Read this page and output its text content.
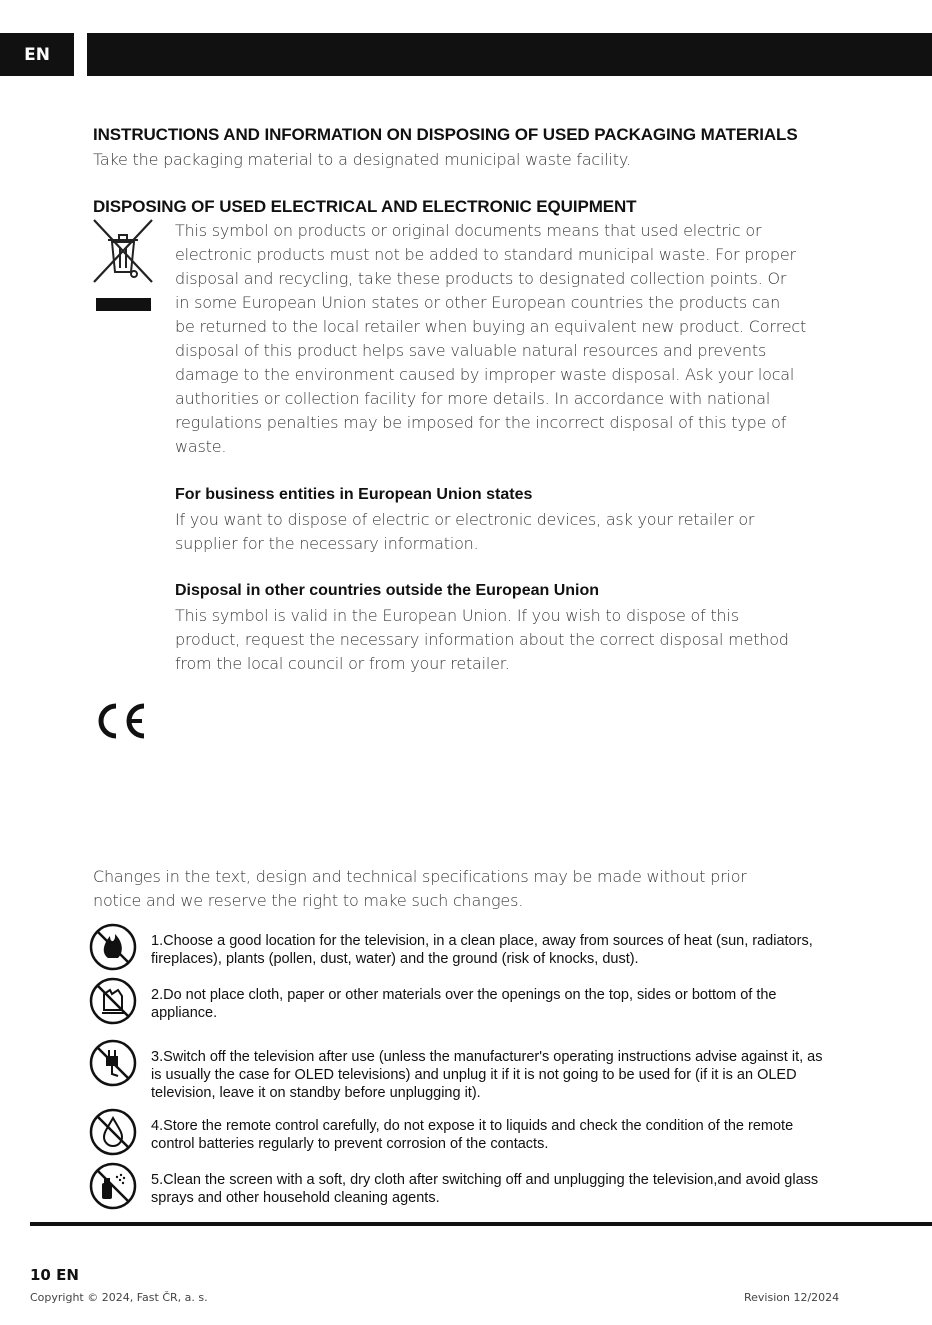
EN
INSTRUCTIONS AND INFORMATION ON DISPOSING OF USED PACKAGING MATERIALS
Take the packaging material to a designated municipal waste facility.
DISPOSING OF USED ELECTRICAL AND ELECTRONIC EQUIPMENT
This symbol on products or original documents means that used electric or
electronic products must not be added to standard municipal waste. For proper
disposal and recycling, take these products to designated collection points. Or
in some European Union states or other European countries the products can
be returned to the local retailer when buying an equivalent new product. Correct
disposal of this product helps save valuable natural resources and prevents
damage to the environment caused by improper waste disposal. Ask your local
authorities or collection facility for more details. In accordance with national
regulations penalties may be imposed for the incorrect disposal of this type of
waste.
For business entities in European Union states
If you want to dispose of electric or electronic devices, ask your retailer or
supplier for the necessary information.
Disposal in other countries outside the European Union
This symbol is valid in the European Union. If you wish to dispose of this
product, request the necessary information about the correct disposal method
from the local council or from your retailer.
Changes in the text, design and technical specifications may be made without prior
notice and we reserve the right to make such changes.
1.Choose a good location for the television, in a clean place, away from sources of heat (sun, radiators, fireplaces), plants (pollen, dust, water) and the ground (risk of knocks, dust).
2.Do not place cloth, paper or other materials over the openings on the top, sides or bottom of the appliance.
3.Switch off the television after use (unless the manufacturer's operating instructions advise against it, as is usually the case for OLED televisions) and unplug it if it is not going to be used for (if it is an OLED television, leave it on standby before unplugging it).
4.Store the remote control carefully, do not expose it to liquids and check the condition of the remote control batteries regularly to prevent corrosion of the contacts.
5.Clean the screen with a soft, dry cloth after switching off and unplugging the television,and avoid glass sprays and other household cleaning agents.
10 EN
Copyright © 2024, Fast ČR, a. s.	Revision 12/2024
